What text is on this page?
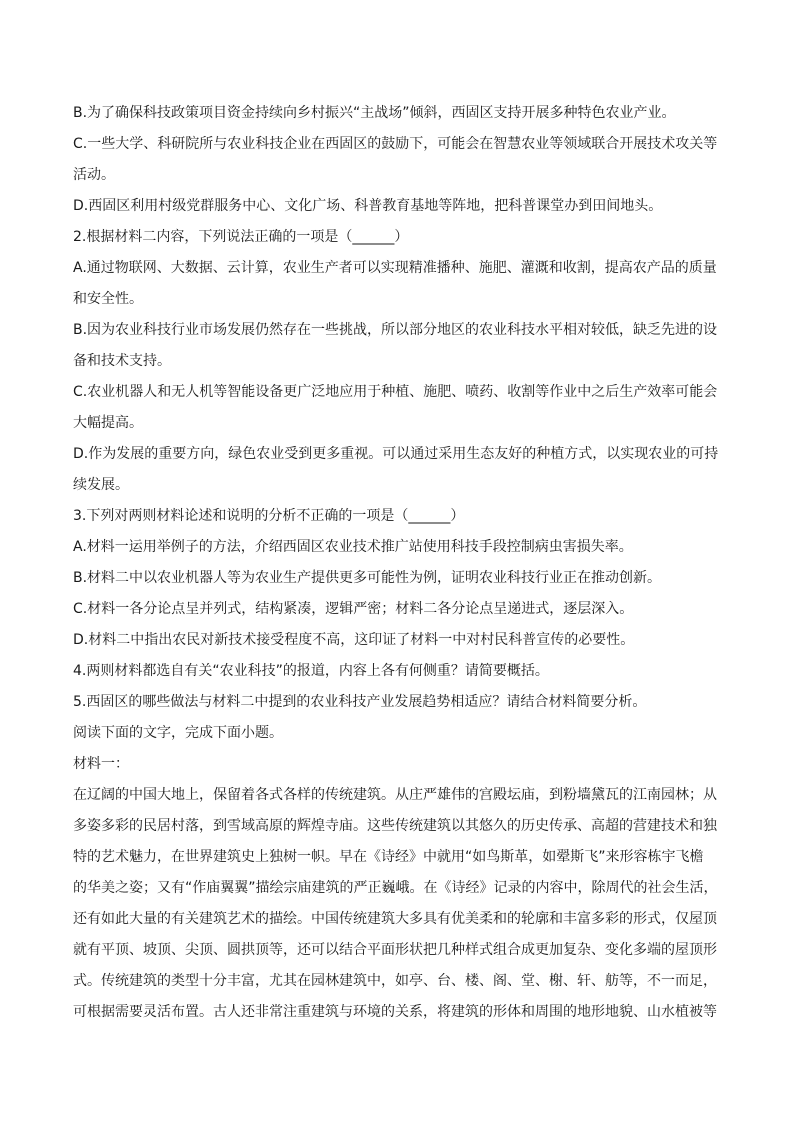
B.为了确保科技政策项目资金持续向乡村振兴“主战场”倾斜，西固区支持开展多种特色农业产业。
C.一些大学、科研院所与农业科技企业在西固区的鼓励下，可能会在智慧农业等领域联合开展技术攻关等
活动。
D.西固区利用村级党群服务中心、文化广场、科普教育基地等阵地，把科普课堂办到田间地头。
2.根据材料二内容，下列说法正确的一项是（______）
A.通过物联网、大数据、云计算，农业生产者可以实现精准播种、施肥、灌溉和收割，提高农产品的质量
和安全性。
B.因为农业科技行业市场发展仍然存在一些挑战，所以部分地区的农业科技水平相对较低，缺乏先进的设
备和技术支持。
C.农业机器人和无人机等智能设备更广泛地应用于种植、施肥、喷药、收割等作业中之后生产效率可能会
大幅提高。
D.作为发展的重要方向，绿色农业受到更多重视。可以通过采用生态友好的种植方式，以实现农业的可持
续发展。
3.下列对两则材料论述和说明的分析不正确的一项是（______）
A.材料一运用举例子的方法，介绍西固区农业技术推广站使用科技手段控制病虫害损失率。
B.材料二中以农业机器人等为农业生产提供更多可能性为例，证明农业科技行业正在推动创新。
C.材料一各分论点呈并列式，结构紧凑，逻辑严密；材料二各分论点呈递进式，逐层深入。
D.材料二中指出农民对新技术接受程度不高，这印证了材料一中对村民科普宣传的必要性。
4.两则材料都选自有关“农业科技”的报道，内容上各有何侧重？请简要概括。
5.西固区的哪些做法与材料二中提到的农业科技产业发展趋势相适应？请结合材料简要分析。
阅读下面的文字，完成下面小题。
材料一：
在辽阔的中国大地上，保留着各式各样的传统建筑。从庄严雄伟的宫殿坛庙，到粉墙黛瓦的江南园林；从
多姿多彩的民居村落，到雪域高原的辉煌寺庙。这些传统建筑以其悠久的历史传承、高超的营建技术和独
特的艺术魅力，在世界建筑史上独树一帜。早在《诗经》中就用“如鸟斯革，如翚斯飞”来形容栋宇飞檐
的华美之姿；又有“作庙翼翼”描绘宗庙建筑的严正巍峨。在《诗经》记录的内容中，除周代的社会生活，
还有如此大量的有关建筑艺术的描绘。中国传统建筑大多具有优美柔和的轮廓和丰富多彩的形式，仅屋顶
就有平顶、坡顶、尖顶、圆拱顶等，还可以结合平面形状把几种样式组合成更加复杂、变化多端的屋顶形
式。传统建筑的类型十分丰富，尤其在园林建筑中，如亭、台、楼、阁、堂、榭、轩、舫等，不一而足，
可根据需要灵活布置。古人还非常注重建筑与环境的关系，将建筑的形体和周围的地形地貌、山水植被等
